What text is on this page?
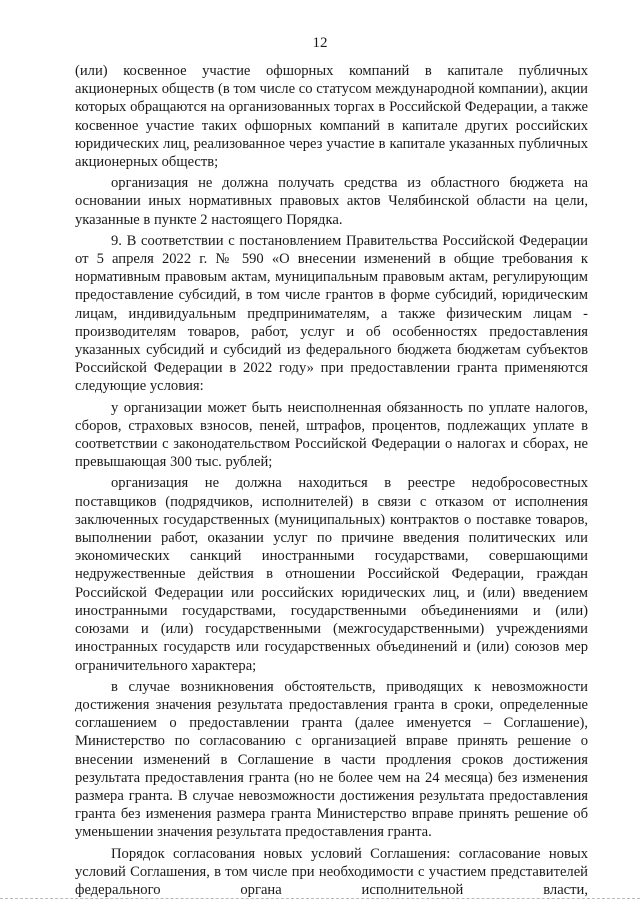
12

(или) косвенное участие офшорных компаний в капитале публичных акционерных обществ (в том числе со статусом международной компании), акции которых обращаются на организованных торгах в Российской Федерации, а также косвенное участие таких офшорных компаний в капитале других российских юридических лиц, реализованное через участие в капитале указанных публичных акционерных обществ;

организация не должна получать средства из областного бюджета на основании иных нормативных правовых актов Челябинской области на цели, указанные в пункте 2 настоящего Порядка.

9. В соответствии с постановлением Правительства Российской Федерации от 5 апреля 2022 г. № 590 «О внесении изменений в общие требования к нормативным правовым актам, муниципальным правовым актам, регулирующим предоставление субсидий, в том числе грантов в форме субсидий, юридическим лицам, индивидуальным предпринимателям, а также физическим лицам - производителям товаров, работ, услуг и об особенностях предоставления указанных субсидий и субсидий из федерального бюджета бюджетам субъектов Российской Федерации в 2022 году» при предоставлении гранта применяются следующие условия:

у организации может быть неисполненная обязанность по уплате налогов, сборов, страховых взносов, пеней, штрафов, процентов, подлежащих уплате в соответствии с законодательством Российской Федерации о налогах и сборах, не превышающая 300 тыс. рублей;

организация не должна находиться в реестре недобросовестных поставщиков (подрядчиков, исполнителей) в связи с отказом от исполнения заключенных государственных (муниципальных) контрактов о поставке товаров, выполнении работ, оказании услуг по причине введения политических или экономических санкций иностранными государствами, совершающими недружественные действия в отношении Российской Федерации, граждан Российской Федерации или российских юридических лиц, и (или) введением иностранными государствами, государственными объединениями и (или) союзами и (или) государственными (межгосударственными) учреждениями иностранных государств или государственных объединений и (или) союзов мер ограничительного характера;

в случае возникновения обстоятельств, приводящих к невозможности достижения значения результата предоставления гранта в сроки, определенные соглашением о предоставлении гранта (далее именуется – Соглашение), Министерство по согласованию с организацией вправе принять решение о внесении изменений в Соглашение в части продления сроков достижения результата предоставления гранта (но не более чем на 24 месяца) без изменения размера гранта. В случае невозможности достижения результата предоставления гранта без изменения размера гранта Министерство вправе принять решение об уменьшении значения результата предоставления гранта.

Порядок согласования новых условий Соглашения: согласование новых условий Соглашения, в том числе при необходимости с участием представителей федерального органа исполнительной власти,
